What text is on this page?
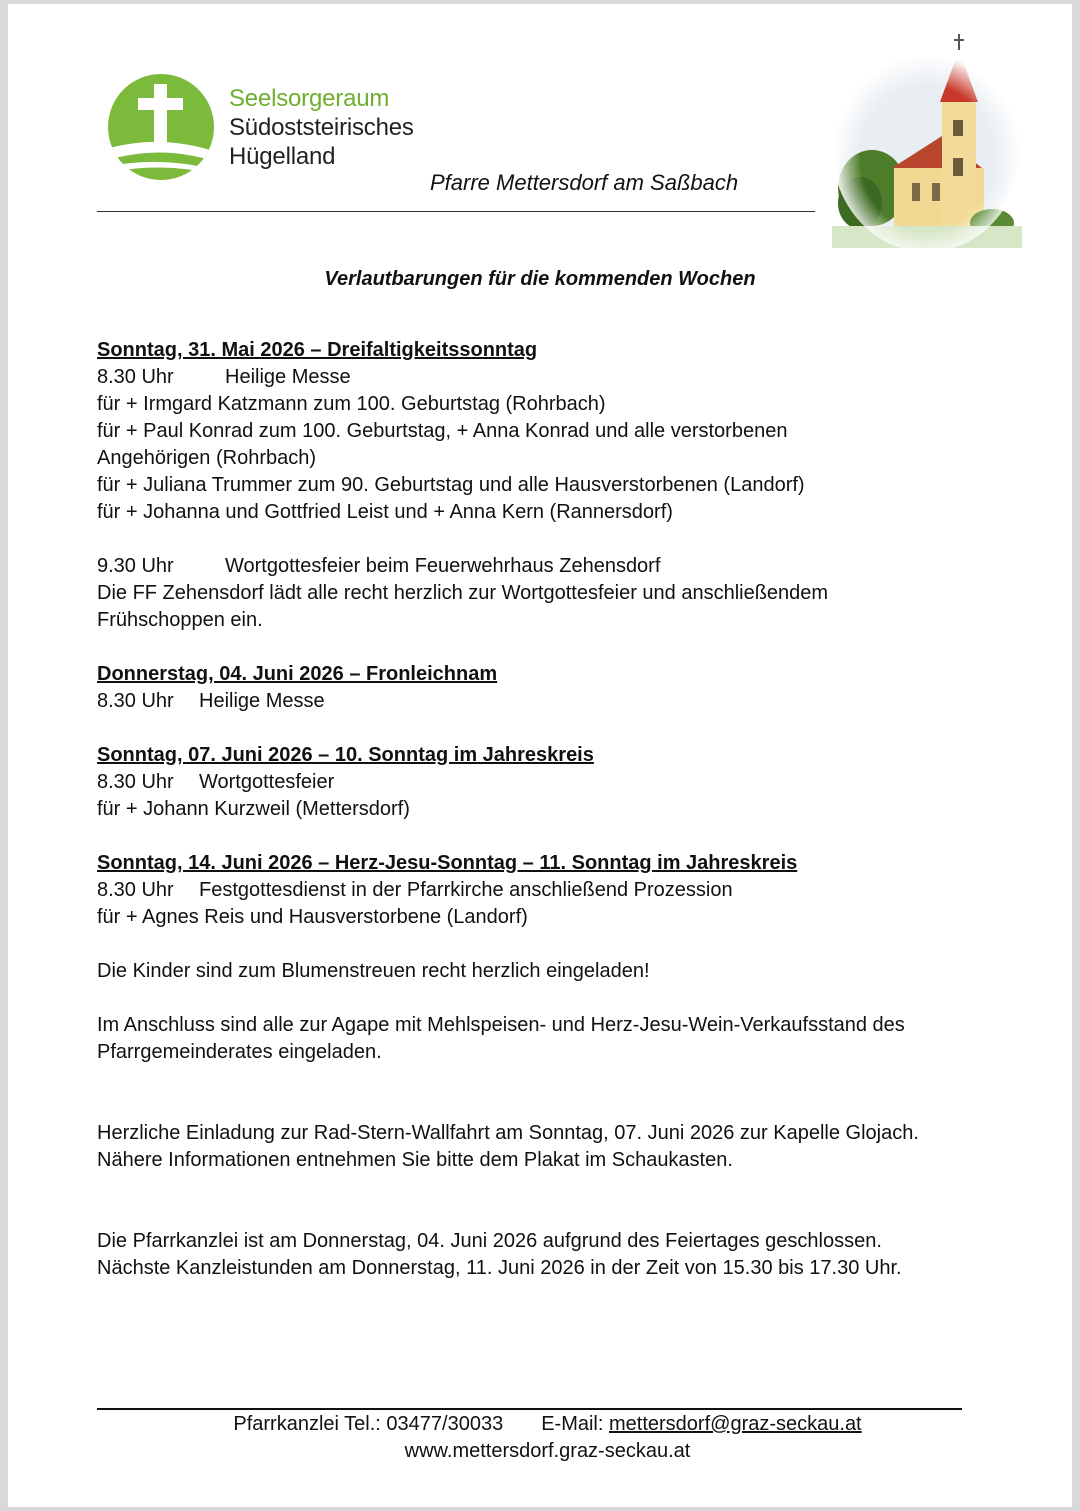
Seelsorgeraum
Südoststeirisches
Hügelland
Pfarre Mettersdorf am Saßbach
Verlautbarungen für die kommenden Wochen

Sonntag, 31. Mai 2026 – Dreifaltigkeitssonntag

8.30 Uhr	Heilige Messe

für + Irmgard Katzmann zum 100. Geburtstag (Rohrbach)

für + Paul Konrad zum 100. Geburtstag, + Anna Konrad und alle verstorbenen

Angehörigen (Rohrbach)

für + Juliana Trummer zum 90. Geburtstag und alle Hausverstorbenen (Landorf)

für + Johanna und Gottfried Leist und + Anna Kern (Rannersdorf)

9.30 Uhr	Wortgottesfeier beim Feuerwehrhaus Zehensdorf

Die FF Zehensdorf lädt alle recht herzlich zur Wortgottesfeier und anschließendem

Frühschoppen ein.

Donnerstag, 04. Juni 2026 – Fronleichnam

8.30 Uhr Heilige Messe

Sonntag, 07. Juni 2026 – 10. Sonntag im Jahreskreis

8.30 Uhr Wortgottesfeier

für + Johann Kurzweil (Mettersdorf)

Sonntag, 14. Juni 2026 – Herz-Jesu-Sonntag – 11. Sonntag im Jahreskreis

8.30 Uhr Festgottesdienst in der Pfarrkirche anschließend Prozession

für + Agnes Reis und Hausverstorbene (Landorf)

Die Kinder sind zum Blumenstreuen recht herzlich eingeladen!

Im Anschluss sind alle zur Agape mit Mehlspeisen- und Herz-Jesu-Wein-Verkaufsstand des

Pfarrgemeinderates eingeladen.

Herzliche Einladung zur Rad-Stern-Wallfahrt am Sonntag, 07. Juni 2026 zur Kapelle Glojach.

Nähere Informationen entnehmen Sie bitte dem Plakat im Schaukasten.

Die Pfarrkanzlei ist am Donnerstag, 04. Juni 2026 aufgrund des Feiertages geschlossen.

Nächste Kanzleistunden am Donnerstag, 11. Juni 2026 in der Zeit von 15.30 bis 17.30 Uhr.

Pfarrkanzlei Tel.: 03477/30033 E-Mail: mettersdorf@graz-seckau.at
www.mettersdorf.graz-seckau.at
